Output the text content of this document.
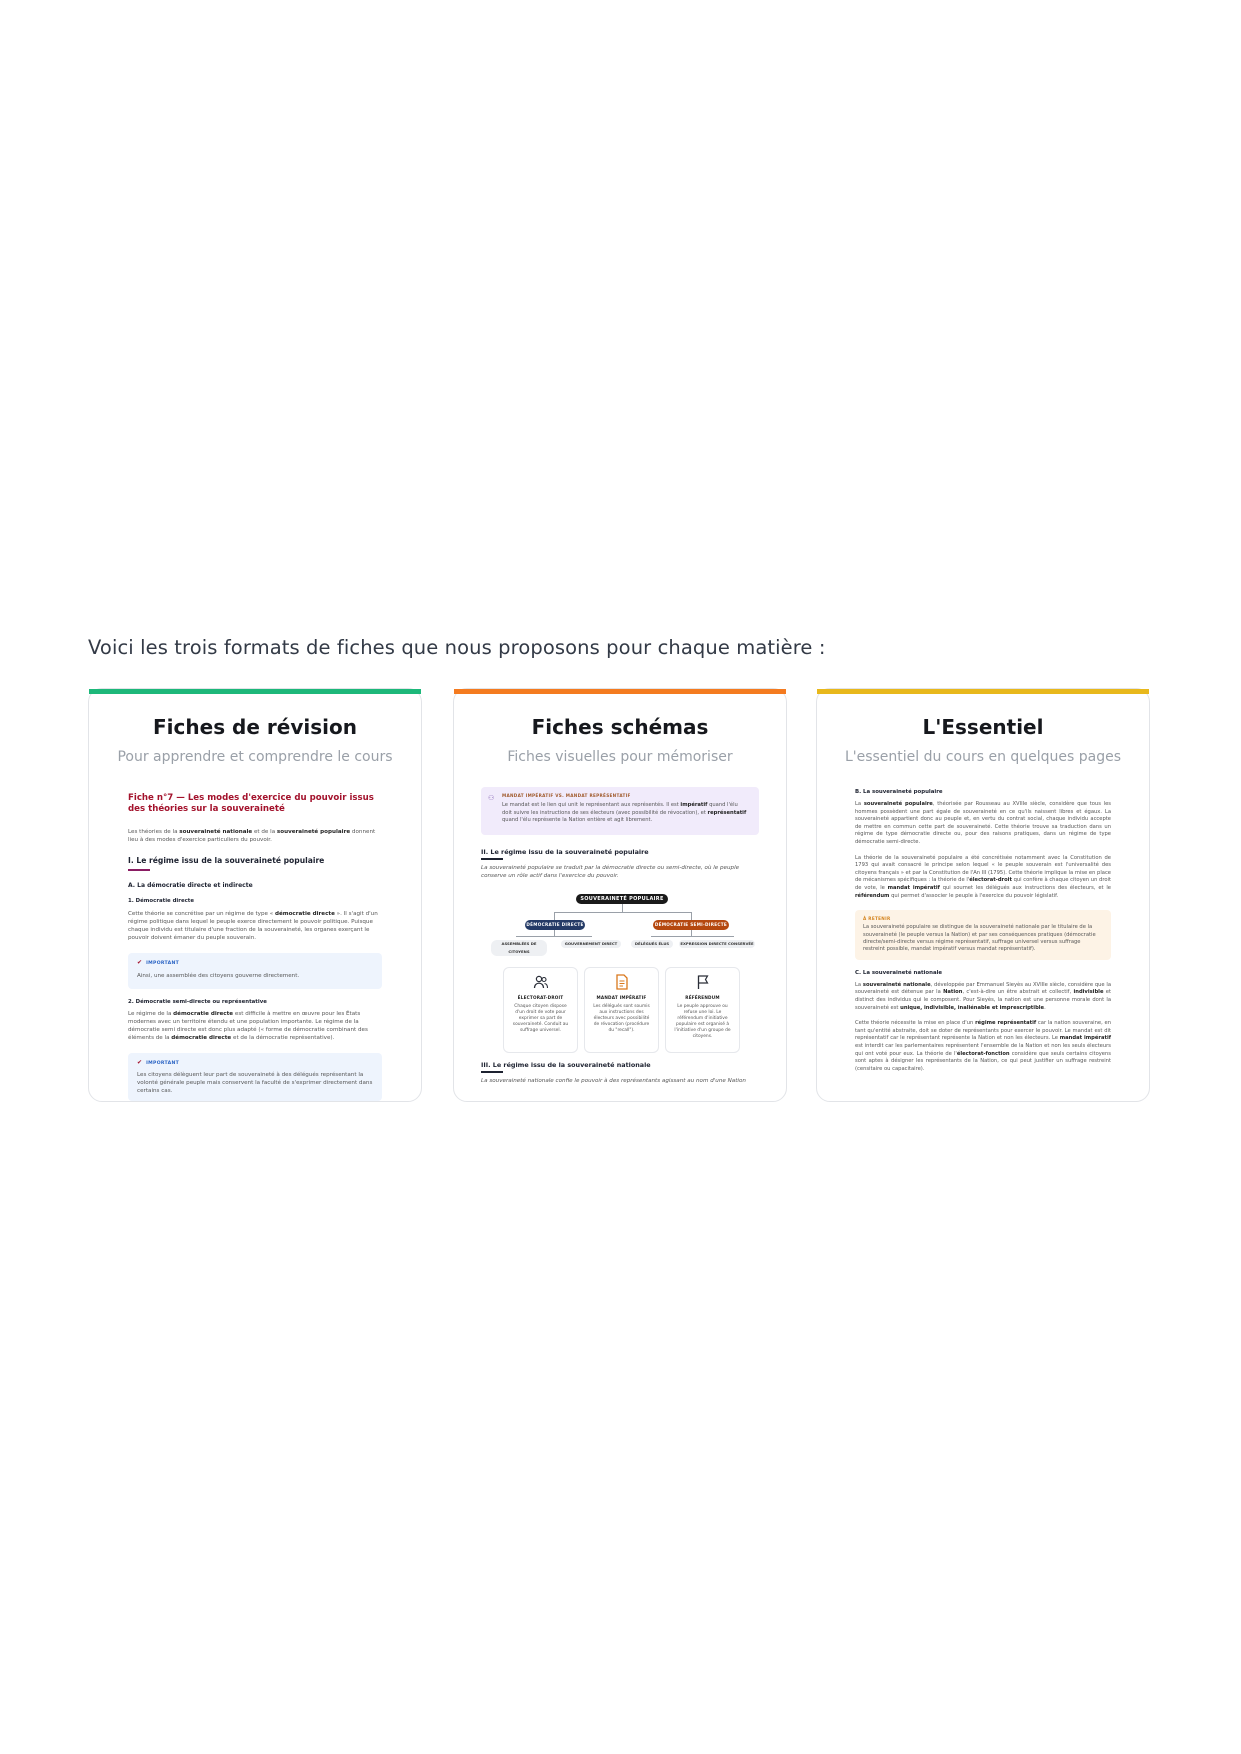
Voici les trois formats de fiches que nous proposons pour chaque matière :
Fiches de révision
Pour apprendre et comprendre le cours
Fiche n°7 — Les modes d'exercice du pouvoir issus des théories sur la souveraineté
Les théories de la souveraineté nationale et de la souveraineté populaire donnent lieu à des modes d'exercice particuliers du pouvoir.
I. Le régime issu de la souveraineté populaire
A. La démocratie directe et indirecte
1. Démocratie directe
Cette théorie se concrétise par un régime de type « démocratie directe ». Il s'agit d'un régime politique dans lequel le peuple exerce directement le pouvoir politique. Puisque chaque individu est titulaire d'une fraction de la souveraineté, les organes exerçant le pouvoir doivent émaner du peuple souverain.
✔ IMPORTANT
Ainsi, une assemblée des citoyens gouverne directement.
2. Démocratie semi-directe ou représentative
Le régime de la démocratie directe est difficile à mettre en œuvre pour les États modernes avec un territoire étendu et une population importante. Le régime de la démocratie semi directe est donc plus adapté (« forme de démocratie combinant des éléments de la démocratie directe et de la démocratie représentative).
✔ IMPORTANT
Les citoyens délèguent leur part de souveraineté à des délégués représentant la volonté générale peuple mais conservent la faculté de s'exprimer directement dans certains cas.
Fiches schémas
Fiches visuelles pour mémoriser
⚇ MANDAT IMPÉRATIF VS. MANDAT REPRÉSENTATIF
Le mandat est le lien qui unit le représentant aux représentés. Il est impératif quand l'élu doit suivre les instructions de ses électeurs (avec possibilité de révocation), et représentatif quand l'élu représente la Nation entière et agit librement.
II. Le régime issu de la souveraineté populaire
La souveraineté populaire se traduit par la démocratie directe ou semi-directe, où le peuple conserve un rôle actif dans l'exercice du pouvoir.
SOUVERAINETÉ POPULAIRE
DÉMOCRATIE DIRECTE	DÉMOCRATIE SEMI-DIRECTE
ASSEMBLÉES DE CITOYENS
GOUVERNEMENT DIRECT	DÉLÉGUÉS ÉLUS	EXPRESSION DIRECTE CONSERVÉE
ÉLECTORAT-DROIT
Chaque citoyen dispose d'un droit de vote pour exprimer sa part de souveraineté. Conduit au suffrage universel.
MANDAT IMPÉRATIF
Les délégués sont soumis aux instructions des électeurs avec possibilité de révocation (procédure du "recall").
RÉFÉRENDUM
Le peuple approuve ou refuse une loi. Le référendum d'initiative populaire est organisé à l'initiative d'un groupe de citoyens.
III. Le régime issu de la souveraineté nationale
La souveraineté nationale confie le pouvoir à des représentants agissant au nom d'une Nation
L'Essentiel
L'essentiel du cours en quelques pages
B. La souveraineté populaire
La souveraineté populaire, théorisée par Rousseau au XVIIIe siècle, considère que tous les hommes possèdent une part égale de souveraineté en ce qu'ils naissent libres et égaux. La souveraineté appartient donc au peuple et, en vertu du contrat social, chaque individu accepte de mettre en commun cette part de souveraineté. Cette théorie trouve sa traduction dans un régime de type démocratie directe ou, pour des raisons pratiques, dans un régime de type démocratie semi-directe.
La théorie de la souveraineté populaire a été concrétisée notamment avec la Constitution de 1793 qui avait consacré le principe selon lequel « le peuple souverain est l'universalité des citoyens français » et par la Constitution de l'An III (1795). Cette théorie implique la mise en place de mécanismes spécifiques : la théorie de l'électorat-droit qui confère à chaque citoyen un droit de vote, le mandat impératif qui soumet les délégués aux instructions des électeurs, et le référendum qui permet d'associer le peuple à l'exercice du pouvoir législatif.
À RETENIR
La souveraineté populaire se distingue de la souveraineté nationale par le titulaire de la souveraineté (le peuple versus la Nation) et par ses conséquences pratiques (démocratie directe/semi-directe versus régime représentatif, suffrage universel versus suffrage restreint possible, mandat impératif versus mandat représentatif).
C. La souveraineté nationale
La souveraineté nationale, développée par Emmanuel Sieyès au XVIIIe siècle, considère que la souveraineté est détenue par la Nation, c'est-à-dire un être abstrait et collectif, indivisible et distinct des individus qui le composent. Pour Sieyès, la nation est une personne morale dont la souveraineté est unique, indivisible, inaliénable et imprescriptible.
Cette théorie nécessite la mise en place d'un régime représentatif car la nation souveraine, en tant qu'entité abstraite, doit se doter de représentants pour exercer le pouvoir. Le mandat est dit représentatif car le représentant représente la Nation et non les électeurs. Le mandat impératif est interdit car les parlementaires représentent l'ensemble de la Nation et non les seuls électeurs qui ont voté pour eux. La théorie de l'électorat-fonction considère que seuls certains citoyens sont aptes à désigner les représentants de la Nation, ce qui peut justifier un suffrage restreint (censitaire ou capacitaire).
